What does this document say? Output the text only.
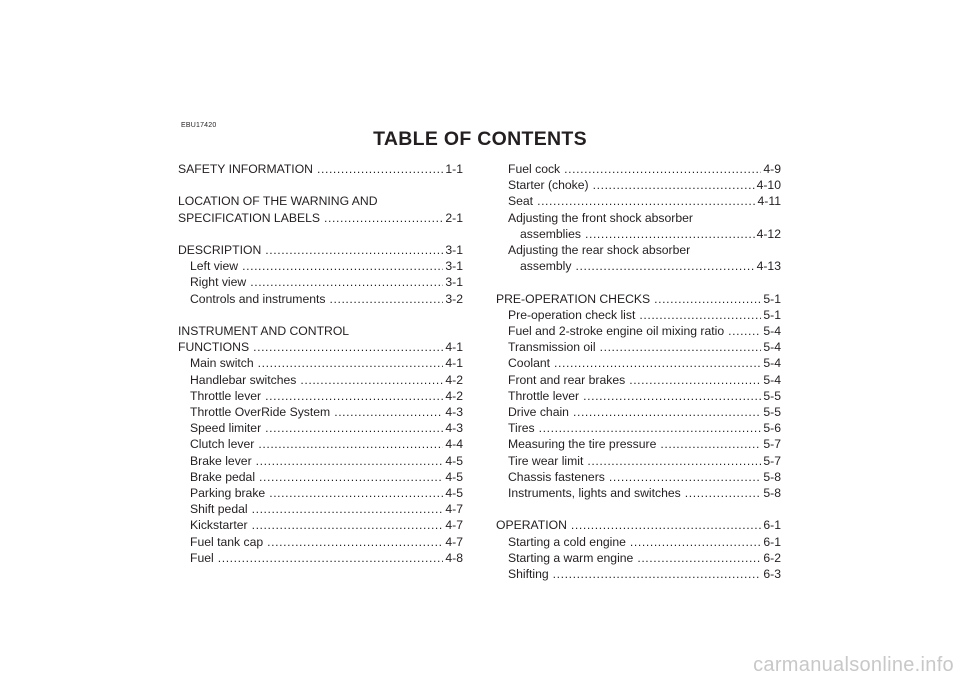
EBU17420
TABLE OF CONTENTS
SAFETY INFORMATION .....	1-1
LOCATION OF THE WARNING AND
SPECIFICATION LABELS .....	2-1
DESCRIPTION .....	3-1
Left view .....	3-1
Right view .....	3-1
Controls and instruments .....	3-2
INSTRUMENT AND CONTROL
FUNCTIONS .....	4-1
Main switch .....	4-1
Handlebar switches .....	4-2
Throttle lever .....	4-2
Throttle OverRide System .....	4-3
Speed limiter .....	4-3
Clutch lever .....	4-4
Brake lever .....	4-5
Brake pedal .....	4-5
Parking brake .....	4-5
Shift pedal .....	4-7
Kickstarter .....	4-7
Fuel tank cap .....	4-7
Fuel .....	4-8
Fuel cock .....	4-9
Starter (choke) .....	4-10
Seat .....	4-11
Adjusting the front shock absorber
assemblies .....	4-12
Adjusting the rear shock absorber
assembly .....	4-13
PRE-OPERATION CHECKS .....	5-1
Pre-operation check list .....	5-1
Fuel and 2-stroke engine oil mixing ratio .....	5-4
Transmission oil .....	5-4
Coolant .....	5-4
Front and rear brakes .....	5-4
Throttle lever .....	5-5
Drive chain .....	5-5
Tires .....	5-6
Measuring the tire pressure .....	5-7
Tire wear limit .....	5-7
Chassis fasteners .....	5-8
Instruments, lights and switches .....	5-8
OPERATION .....	6-1
Starting a cold engine .....	6-1
Starting a warm engine .....	6-2
Shifting .....	6-3
carmanualsonline.info
